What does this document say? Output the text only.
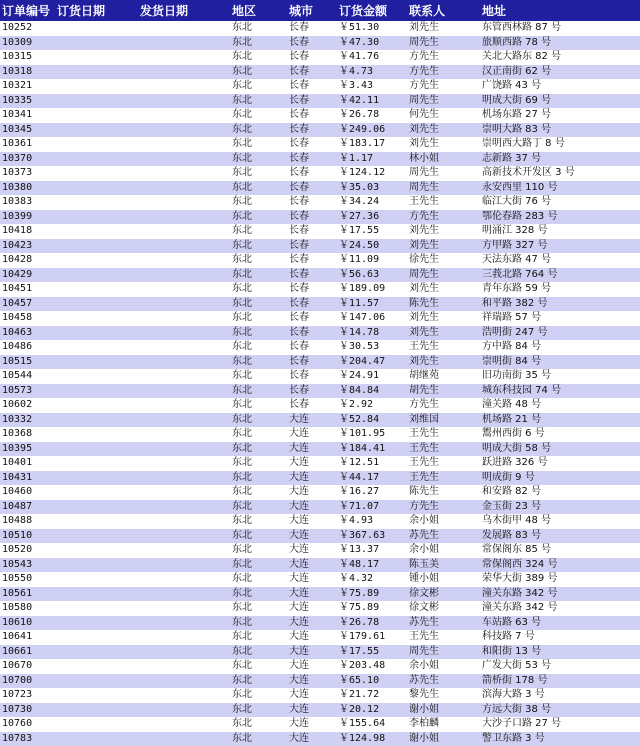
订单编号	订货日期	发货日期	地区	城市	订货金额	联系人	地址
10252			东北	长春	￥51.30	刘先生	东管西林路 87 号
10309			东北	长春	￥47.30	周先生	旅顺西路 78 号
10315			东北	长春	￥41.76	方先生	关北大路东 82 号
10318			东北	长春	￥4.73	方先生	汉正南街 62 号
10321			东北	长春	￥3.43	方先生	广饶路 43 号
10335			东北	长春	￥42.11	周先生	明成大街 69 号
10341			东北	长春	￥26.78	何先生	机场东路 27 号
10345			东北	长春	￥249.06	刘先生	崇明大路 83 号
10361			东北	长春	￥183.17	刘先生	崇明西大路丁 8 号
10370			东北	长春	￥1.17	林小姐	志新路 37 号
10373			东北	长春	￥124.12	周先生	高新技术开发区 3 号
10380			东北	长春	￥35.03	周先生	永安西里 110 号
10383			东北	长春	￥34.24	王先生	临江大街 76 号
10399			东北	长春	￥27.36	方先生	鄂伦春路 283 号
10418			东北	长春	￥17.55	刘先生	明涌江 328 号
10423			东北	长春	￥24.50	刘先生	方甲路 327 号
10428			东北	长春	￥11.09	徐先生	天法东路 47 号
10429			东北	长春	￥56.63	周先生	三莪北路 764 号
10451			东北	长春	￥189.09	刘先生	青年东路 59 号
10457			东北	长春	￥11.57	陈先生	和平路 382 号
10458			东北	长春	￥147.06	刘先生	祥瑞路 57 号
10463			东北	长春	￥14.78	刘先生	浩明街 247 号
10486			东北	长春	￥30.53	王先生	方中路 84 号
10515			东北	长春	￥204.47	刘先生	崇明街 84 号
10544			东北	长春	￥24.91	胡继苑	旧功南街 35 号
10573			东北	长春	￥84.84	胡先生	城东科技园 74 号
10602			东北	长春	￥2.92	方先生	潼关路 48 号
10332			东北	大连	￥52.84	刘维国	机场路 21 号
10368			东北	大连	￥101.95	王先生	鬻州西街 6 号
10395			东北	大连	￥184.41	王先生	明成大街 58 号
10401			东北	大连	￥12.51	王先生	跃进路 326 号
10431			东北	大连	￥44.17	王先生	明成街 9 号
10460			东北	大连	￥16.27	陈先生	和安路 82 号
10487			东北	大连	￥71.07	方先生	金玉街 23 号
10488			东北	大连	￥4.93	余小姐	乌木街甲 48 号
10510			东北	大连	￥367.63	苏先生	发展路 83 号
10520			东北	大连	￥13.37	余小姐	常保阁东 85 号
10543			东北	大连	￥48.17	陈玉美	常保阁西 324 号
10550			东北	大连	￥4.32	锺小姐	荣华大街 389 号
10561			东北	大连	￥75.89	徐文彬	潼关东路 342 号
10580			东北	大连	￥75.89	徐文彬	潼关东路 342 号
10610			东北	大连	￥26.78	苏先生	车站路 63 号
10641			东北	大连	￥179.61	王先生	科技路 7 号
10661			东北	大连	￥17.55	周先生	和阳街 13 号
10670			东北	大连	￥203.48	余小姐	广发大街 53 号
10700			东北	大连	￥65.10	苏先生	箭桥街 178 号
10723			东北	大连	￥21.72	黎先生	滨海大路 3 号
10730			东北	大连	￥20.12	谢小姐	方远大街 38 号
10760			东北	大连	￥155.64	李柏麟	大沙子口路 27 号
10783			东北	大连	￥124.98	谢小姐	警卫东路 3 号
